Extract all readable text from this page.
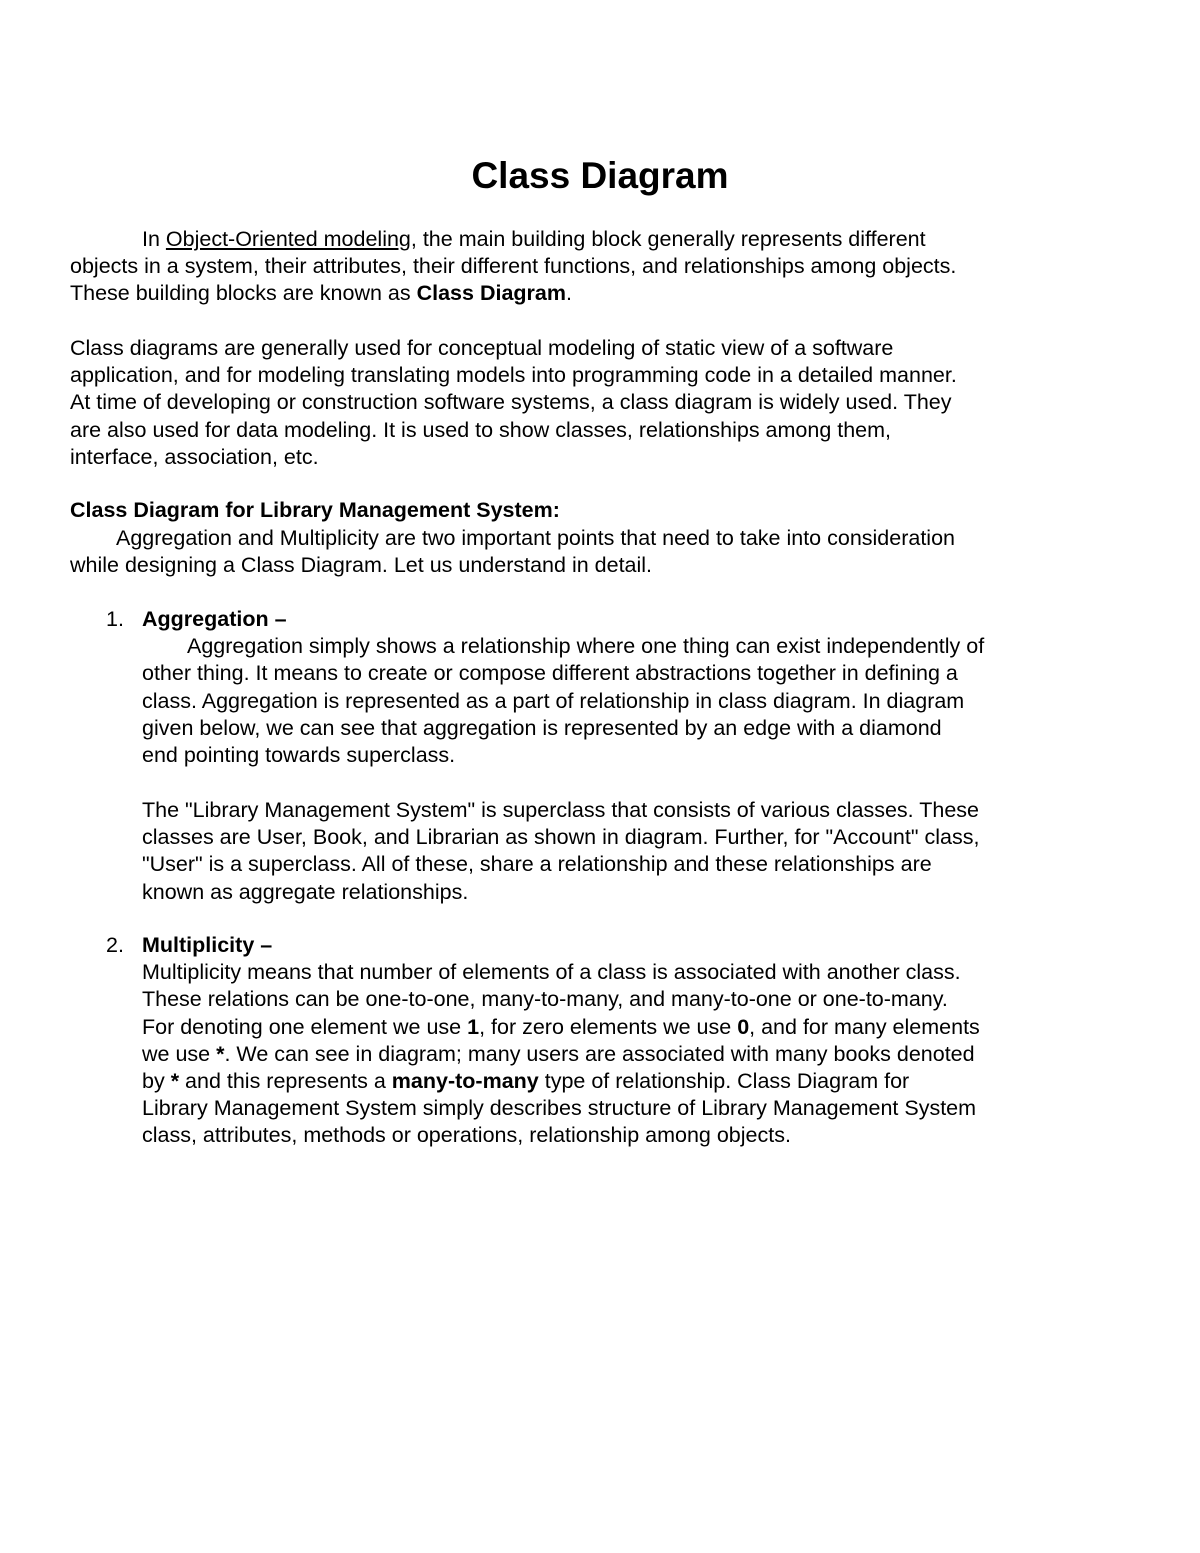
Class Diagram

In Object-Oriented modeling, the main building block generally represents different
objects in a system, their attributes, their different functions, and relationships among objects.
These building blocks are known as Class Diagram.

Class diagrams are generally used for conceptual modeling of static view of a software
application, and for modeling translating models into programming code in a detailed manner.
At time of developing or construction software systems, a class diagram is widely used. They
are also used for data modeling. It is used to show classes, relationships among them,
interface, association, etc.

Class Diagram for Library Management System:

Aggregation and Multiplicity are two important points that need to take into consideration
while designing a Class Diagram. Let us understand in detail.

1. Aggregation –
Aggregation simply shows a relationship where one thing can exist independently of
other thing. It means to create or compose different abstractions together in defining a
class. Aggregation is represented as a part of relationship in class diagram. In diagram
given below, we can see that aggregation is represented by an edge with a diamond
end pointing towards superclass.

The "Library Management System" is superclass that consists of various classes. These
classes are User, Book, and Librarian as shown in diagram. Further, for "Account" class,
"User" is a superclass. All of these, share a relationship and these relationships are
known as aggregate relationships.

2. Multiplicity –
Multiplicity means that number of elements of a class is associated with another class.
These relations can be one-to-one, many-to-many, and many-to-one or one-to-many.
For denoting one element we use 1, for zero elements we use 0, and for many elements
we use *. We can see in diagram; many users are associated with many books denoted
by * and this represents a many-to-many type of relationship. Class Diagram for
Library Management System simply describes structure of Library Management System
class, attributes, methods or operations, relationship among objects.
